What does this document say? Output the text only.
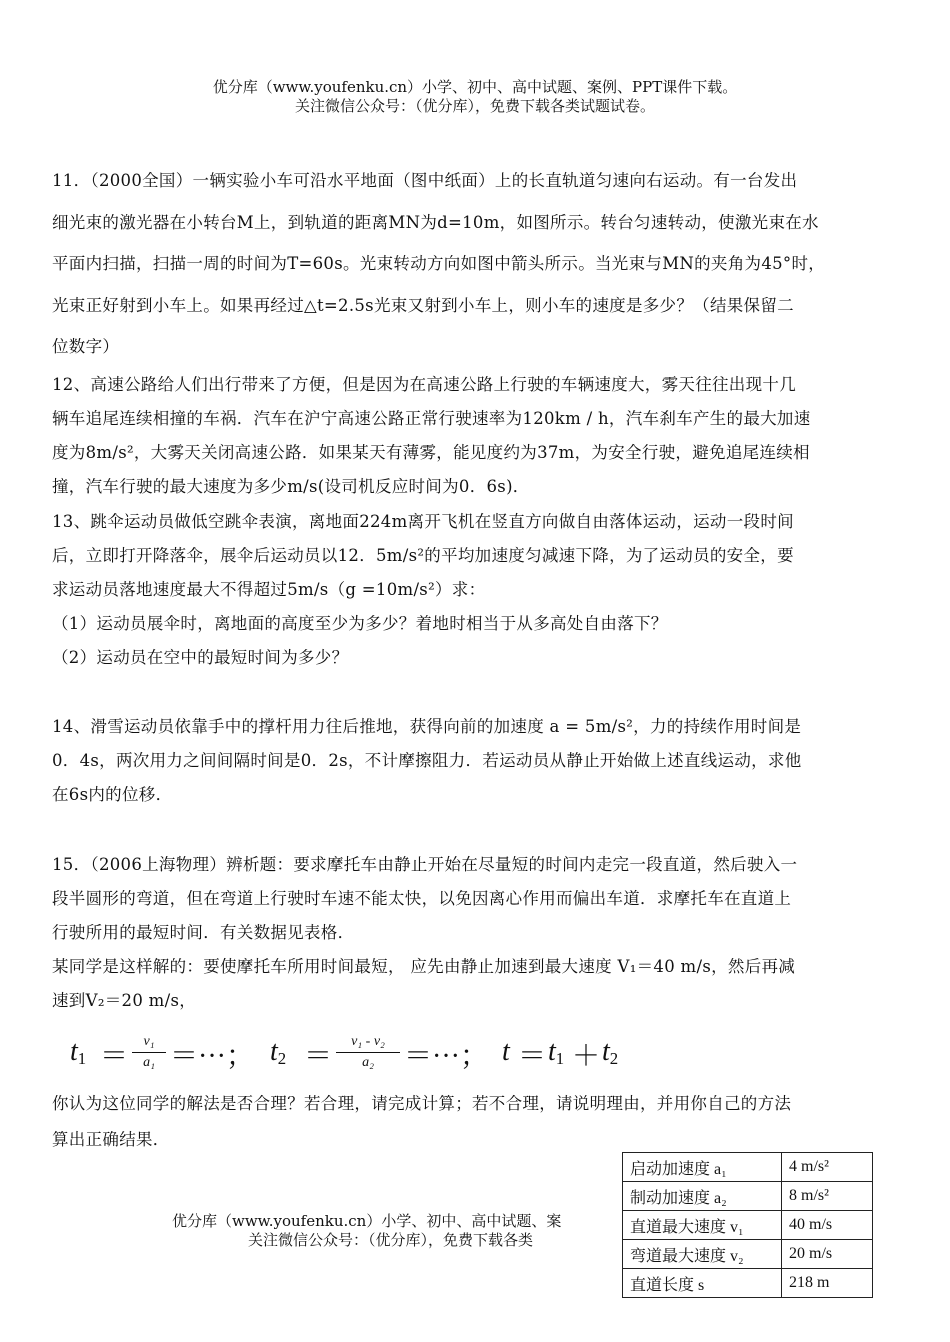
优分库（www.youfenku.cn）小学、初中、高中试题、案例、PPT课件下载。
关注微信公众号：（优分库），免费下载各类试题试卷。
11．（2000全国）一辆实验小车可沿水平地面（图中纸面）上的长直轨道匀速向右运动。有一台发出
细光束的激光器在小转台M上，到轨道的距离MN为d=10m，如图所示。转台匀速转动，使激光束在水
平面内扫描，扫描一周的时间为T=60s。光束转动方向如图中箭头所示。当光束与MN的夹角为45°时，
光束正好射到小车上。如果再经过△t=2.5s光束又射到小车上，则小车的速度是多少？（结果保留二
位数字）
12、高速公路给人们出行带来了方便，但是因为在高速公路上行驶的车辆速度大，雾天往往出现十几
辆车追尾连续相撞的车祸．汽车在沪宁高速公路正常行驶速率为120km / h，汽车刹车产生的最大加速
度为8m/s²，大雾天关闭高速公路．如果某天有薄雾，能见度约为37m，为安全行驶，避免追尾连续相
撞，汽车行驶的最大速度为多少m/s(设司机反应时间为0．6s)．
13、跳伞运动员做低空跳伞表演，离地面224m离开飞机在竖直方向做自由落体运动，运动一段时间
后，立即打开降落伞，展伞后运动员以12．5m/s²的平均加速度匀减速下降，为了运动员的安全，要
求运动员落地速度最大不得超过5m/s（g =10m/s²）求：
（1）运动员展伞时，离地面的高度至少为多少？着地时相当于从多高处自由落下？
（2）运动员在空中的最短时间为多少？
14、滑雪运动员依靠手中的撑杆用力往后推地，获得向前的加速度 a = 5m/s²，力的持续作用时间是
0．4s，两次用力之间间隔时间是0．2s，不计摩擦阻力．若运动员从静止开始做上述直线运动，求他
在6s内的位移．
15．（2006上海物理）辨析题：要求摩托车由静止开始在尽量短的时间内走完一段直道，然后驶入一
段半圆形的弯道，但在弯道上行驶时车速不能太快，以免因离心作用而偏出车道．求摩托车在直道上
行驶所用的最短时间．有关数据见表格．
某同学是这样解的：要使摩托车所用时间最短， 应先由静止加速到最大速度 V₁＝40 m/s，然后再减
速到V₂＝20 m/s，
t1 ＝	v₁
a₁ ＝···； t2 ＝	v₁ - v₂
a₂	＝···； t ＝ t1 ＋ t2
你认为这位同学的解法是否合理？若合理，请完成计算；若不合理，请说明理由，并用你自己的方法
算出正确结果．
优分库（www.youfenku.cn）小学、初中、高中试题、案
关注微信公众号：（优分库），免费下载各类
启动加速度 a₁	4 m/s²
制动加速度 a₂	8 m/s²
直道最大速度 v₁	40 m/s
弯道最大速度 v₂	20 m/s
直道长度 s	218 m
